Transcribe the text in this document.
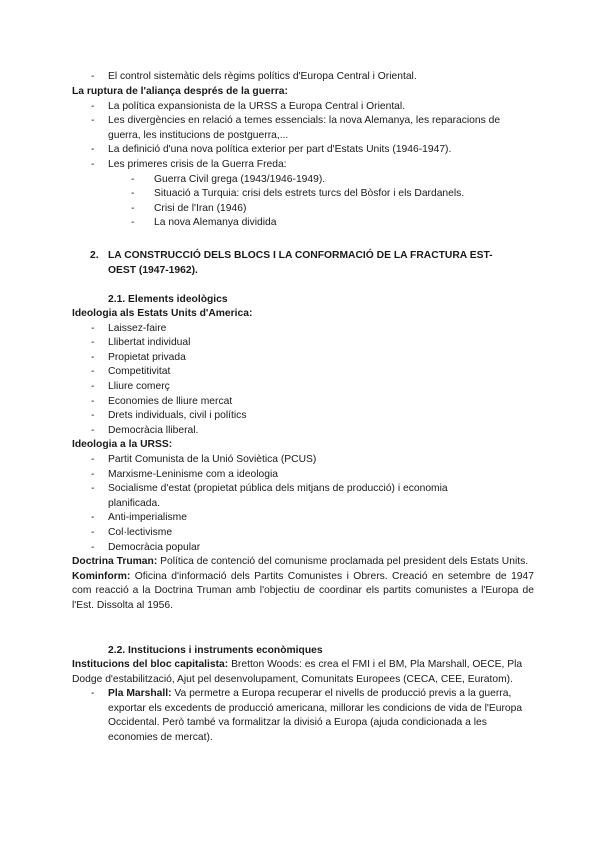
- El control sistemàtic dels règims polítics d'Europa Central i Oriental.
La ruptura de l'aliança després de la guerra:
- La política expansionista de la URSS a Europa Central i Oriental.
- Les divergències en relació a temes essencials: la nova Alemanya, les reparacions de guerra, les institucions de postguerra,...
- La definició d'una nova política exterior per part d'Estats Units (1946-1947).
- Les primeres crisis de la Guerra Freda:
- Guerra Civil grega (1943/1946-1949).
- Situació a Turquia: crisi dels estrets turcs del Bòsfor i els Dardanels.
- Crisi de l'Iran (1946)
- La nova Alemanya dividida
2. LA CONSTRUCCIÓ DELS BLOCS I LA CONFORMACIÓ DE LA FRACTURA EST-OEST (1947-1962).
2.1. Elements ideològics
Ideologia als Estats Units d'America:
- Laissez-faire
- Llibertat individual
- Propietat privada
- Competitivitat
- Lliure comerç
- Economies de lliure mercat
- Drets individuals, civil i polítics
- Democràcia lliberal.
Ideologia a la URSS:
- Partit Comunista de la Unió Soviètica (PCUS)
- Marxisme-Leninisme com a ideologia
- Socialisme d'estat (propietat pública dels mitjans de producció) i economia planificada.
- Anti-imperialisme
- Col·lectivisme
- Democràcia popular

Doctrina Truman: Política de contenció del comunisme proclamada pel president dels Estats Units.

Kominform: Oficina d'informació dels Partits Comunistes i Obrers. Creació en setembre de 1947 com reacció a la Doctrina Truman amb l'objectiu de coordinar els partits comunistes a l'Europa de l'Est. Dissolta al 1956.

2.2. Institucions i instruments econòmiques

Institucions del bloc capitalista: Bretton Woods: es crea el FMI i el BM, Pla Marshall, OECE, Pla Dodge d'estabilització, Ajut pel desenvolupament, Comunitats Europees (CECA, CEE, Euratom).

- Pla Marshall: Va permetre a Europa recuperar el nivells de producció previs a la guerra, exportar els excedents de producció americana, millorar les condicions de vida de l'Europa Occidental. Però també va formalitzar la divisió a Europa (ajuda condicionada a les economies de mercat).
